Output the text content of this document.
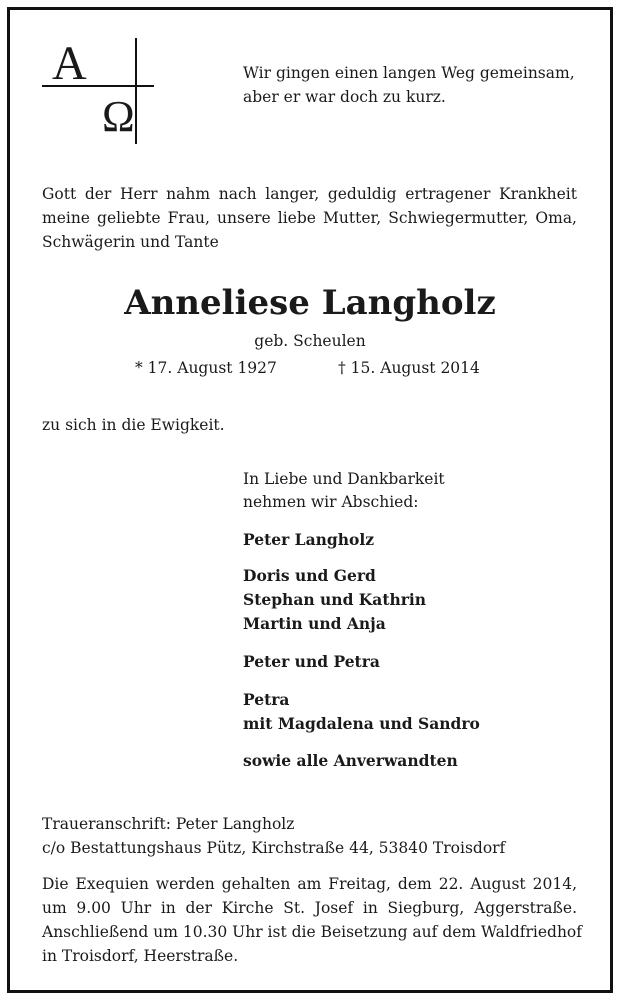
A
Ω
Wir gingen einen langen Weg gemeinsam,
aber er war doch zu kurz.
Gott der Herr nahm nach langer, geduldig ertragener Krankheit
meine geliebte Frau, unsere liebe Mutter, Schwiegermutter, Oma,
Schwägerin und Tante
Anneliese Langholz
geb. Scheulen
* 17. August 1927	† 15. August 2014
zu sich in die Ewigkeit.
In Liebe und Dankbarkeit
nehmen wir Abschied:
Peter Langholz
Doris und Gerd
Stephan und Kathrin
Martin und Anja
Peter und Petra
Petra
mit Magdalena und Sandro
sowie alle Anverwandten
Traueranschrift: Peter Langholz
c/o Bestattungshaus Pütz, Kirchstraße 44, 53840 Troisdorf
Die Exequien werden gehalten am Freitag, dem 22. August 2014,
um 9.00 Uhr in der Kirche St. Josef in Siegburg, Aggerstraße.
Anschließend um 10.30 Uhr ist die Beisetzung auf dem Waldfriedhof
in Troisdorf, Heerstraße.
